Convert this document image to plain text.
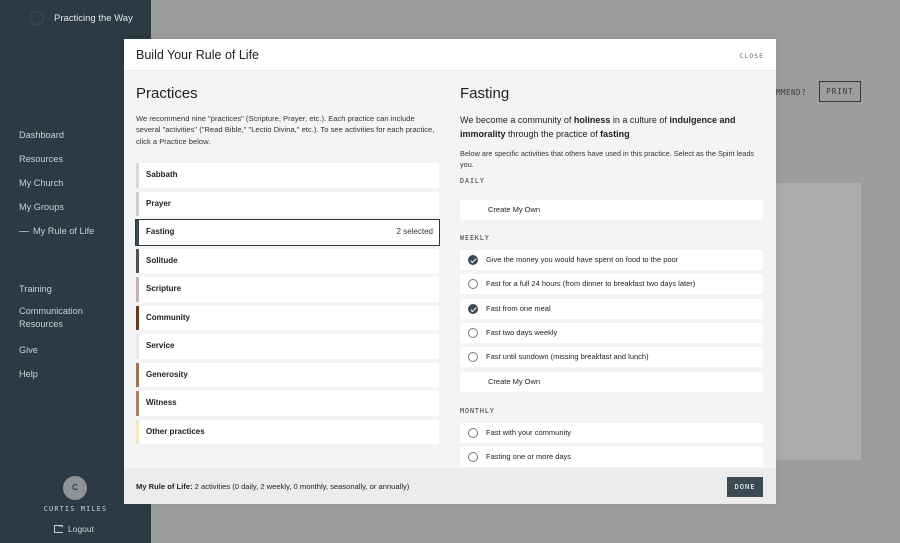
Practicing the Way
Dashboard
Resources
My Church
My Groups
My Rule of Life
Training
Communication
Resources
Give
Help
C
CURTIS MILES
→Logout
MMEND?	PRINT
Build Your Rule of Life	CLOSE
Practices
We recommend nine "practices" (Scripture, Prayer, etc.). Each practice can include several "activities" ("Read Bible," "Lectio Divina," etc.). To see activities for each practice, click a Practice below.
Sabbath
Prayer
Fasting	2 selected
Solitude
Scripture
Community
Service
Generosity
Witness
Other practices
Fasting
We become a community of holiness in a culture of indulgence and immorality through the practice of fasting
Below are specific activities that others have used in this practice. Select as the Spirit leads you.
DAILY
Create My Own
WEEKLY
Give the money you would have spent on food to the poor
Fast for a full 24 hours (from dinner to breakfast two days later)
Fast from one meal
Fast two days weekly
Fast until sundown (missing breakfast and lunch)
Create My Own
MONTHLY
Fast with your community
Fasting one or more days
My Rule of Life: 2 activities (0 daily, 2 weekly, 0 monthly, seasonally, or annually)	DONE
